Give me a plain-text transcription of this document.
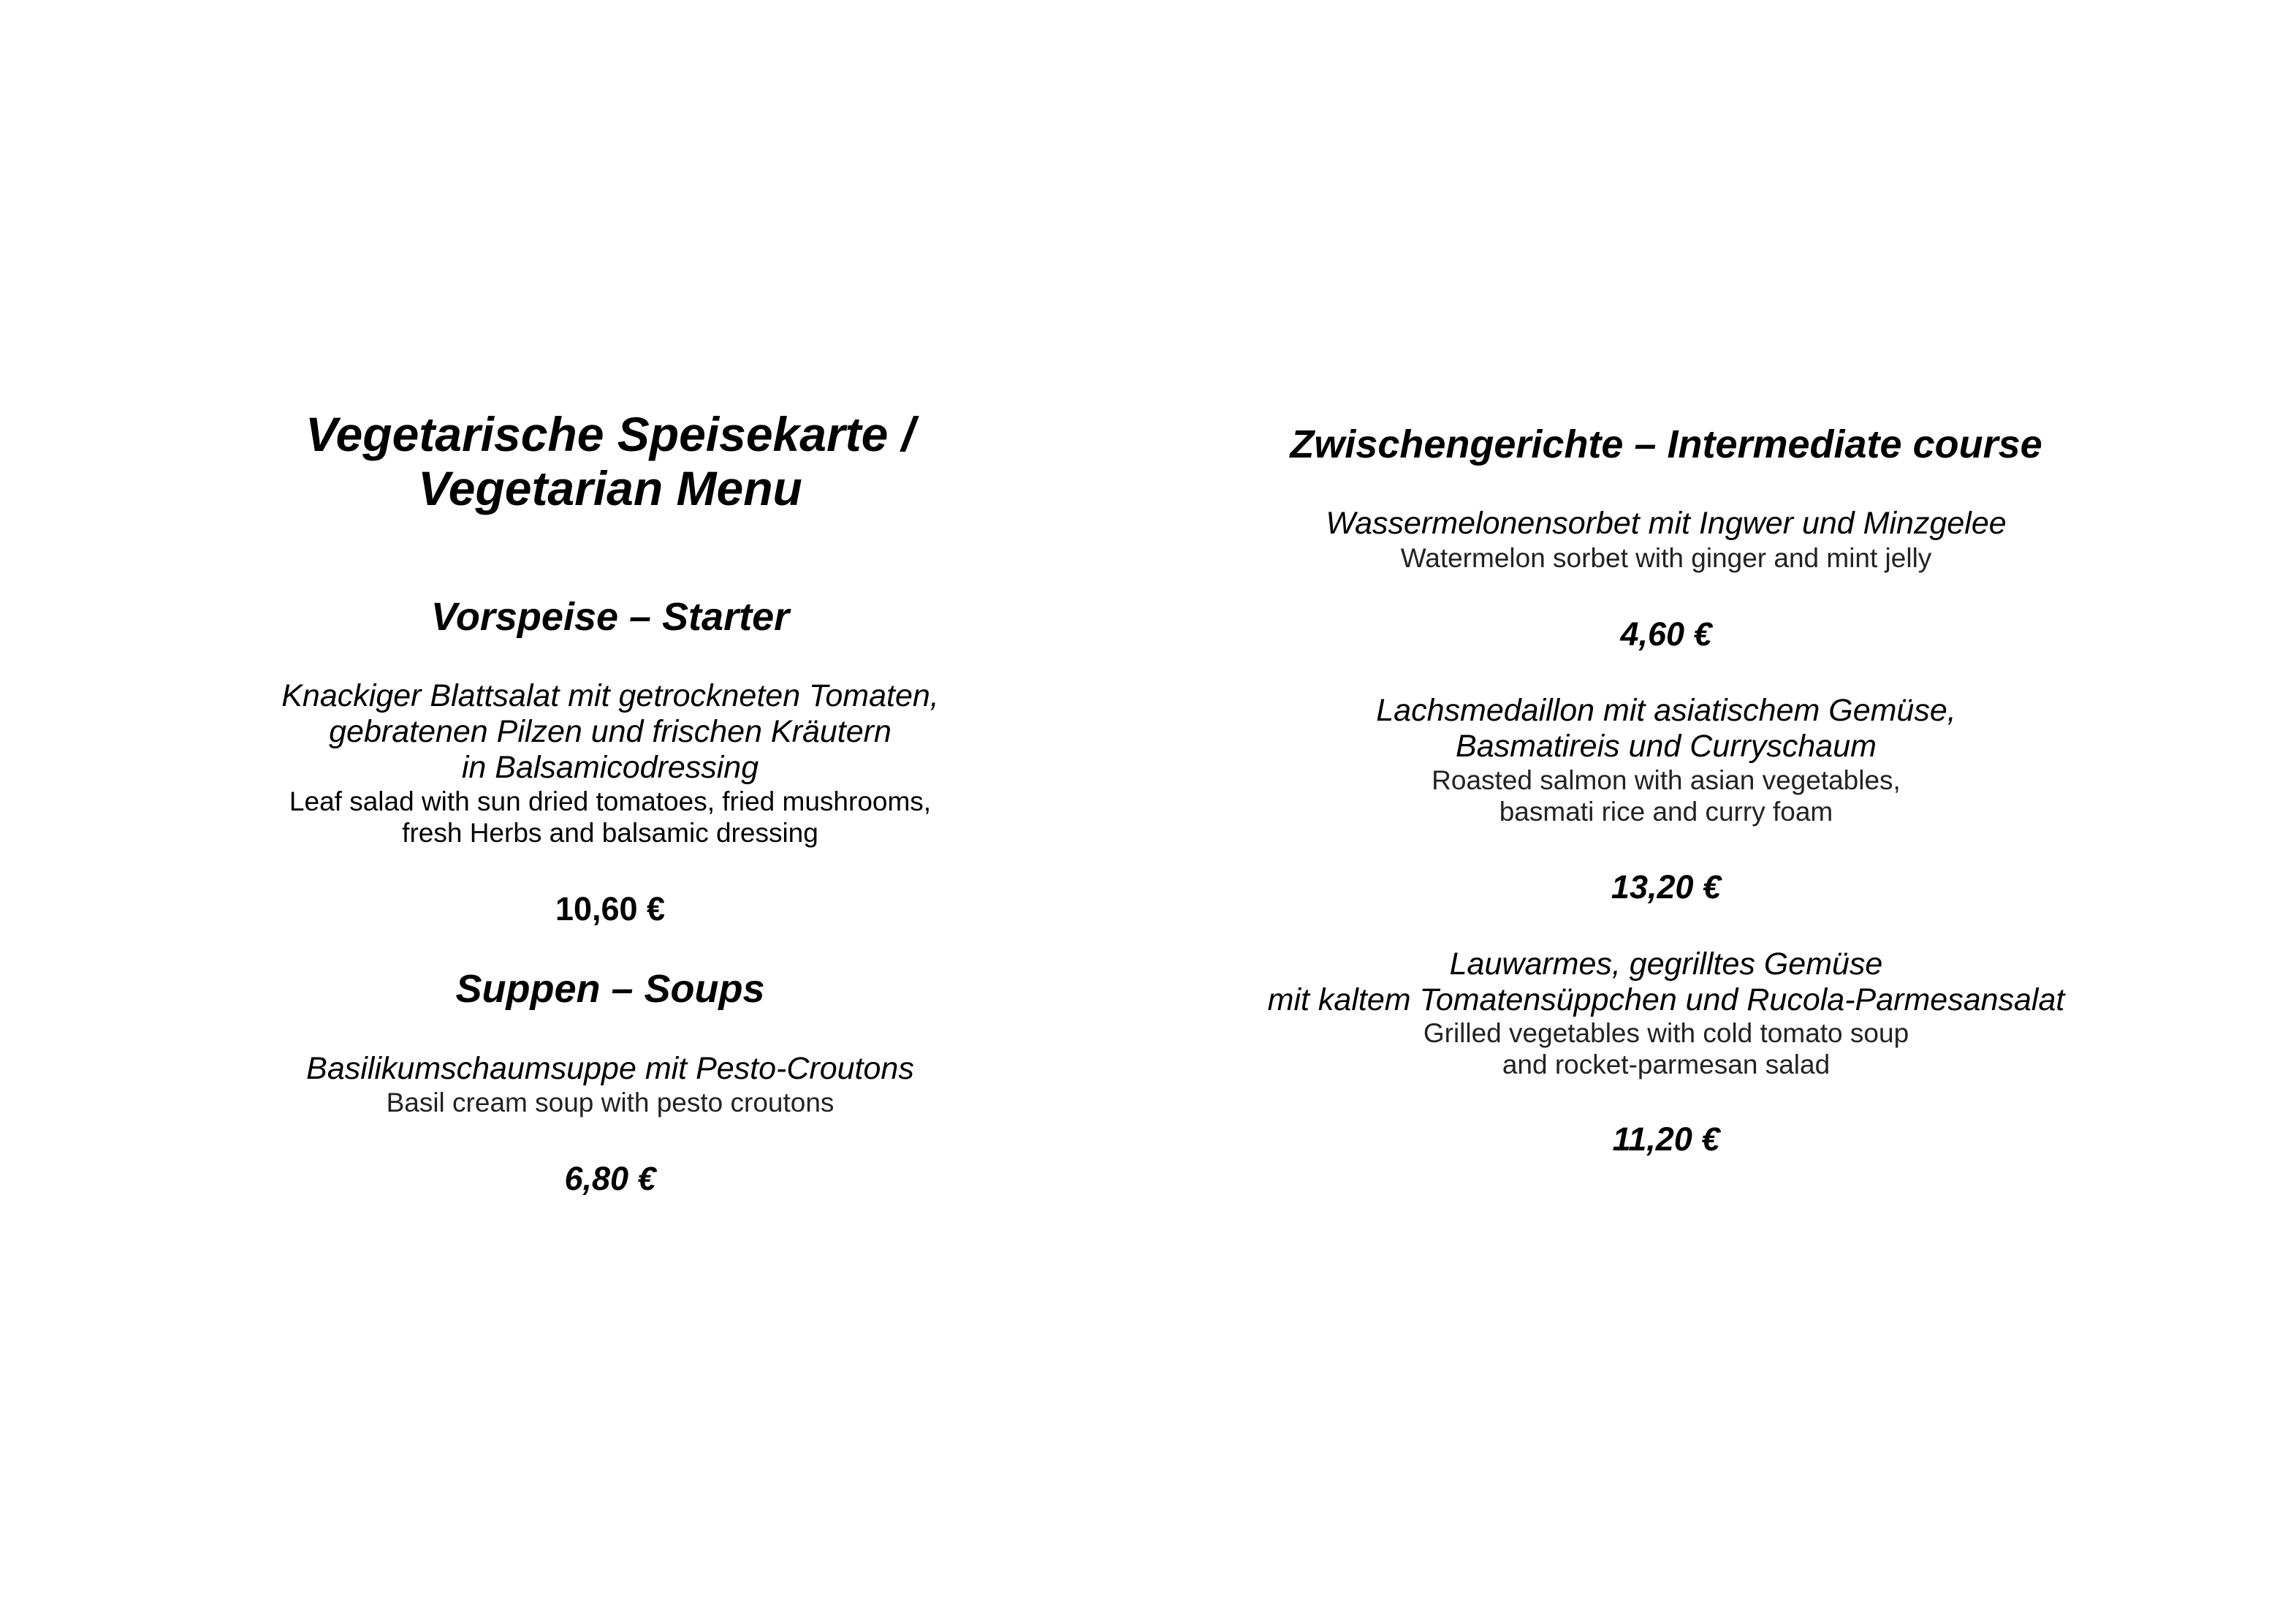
Vegetarische Speisekarte /
Vegetarian Menu
Vorspeise – Starter
Knackiger Blattsalat mit getrockneten Tomaten,
gebratenen Pilzen und frischen Kräutern
in Balsamicodressing
Leaf salad with sun dried tomatoes, fried mushrooms,
fresh Herbs and balsamic dressing
10,60 €
Suppen – Soups
Basilikumschaumsuppe mit Pesto-Croutons
Basil cream soup with pesto croutons
6,80 €
Zwischengerichte – Intermediate course
Wassermelonensorbet mit Ingwer und Minzgelee
Watermelon sorbet with ginger and mint jelly
4,60 €
Lachsmedaillon mit asiatischem Gemüse,
Basmatireis und Curryschaum
Roasted salmon with asian vegetables,
basmati rice and curry foam
13,20 €
Lauwarmes, gegrilltes Gemüse
mit kaltem Tomatensüppchen und Rucola-Parmesansalat
Grilled vegetables with cold tomato soup
and rocket-parmesan salad
11,20 €
